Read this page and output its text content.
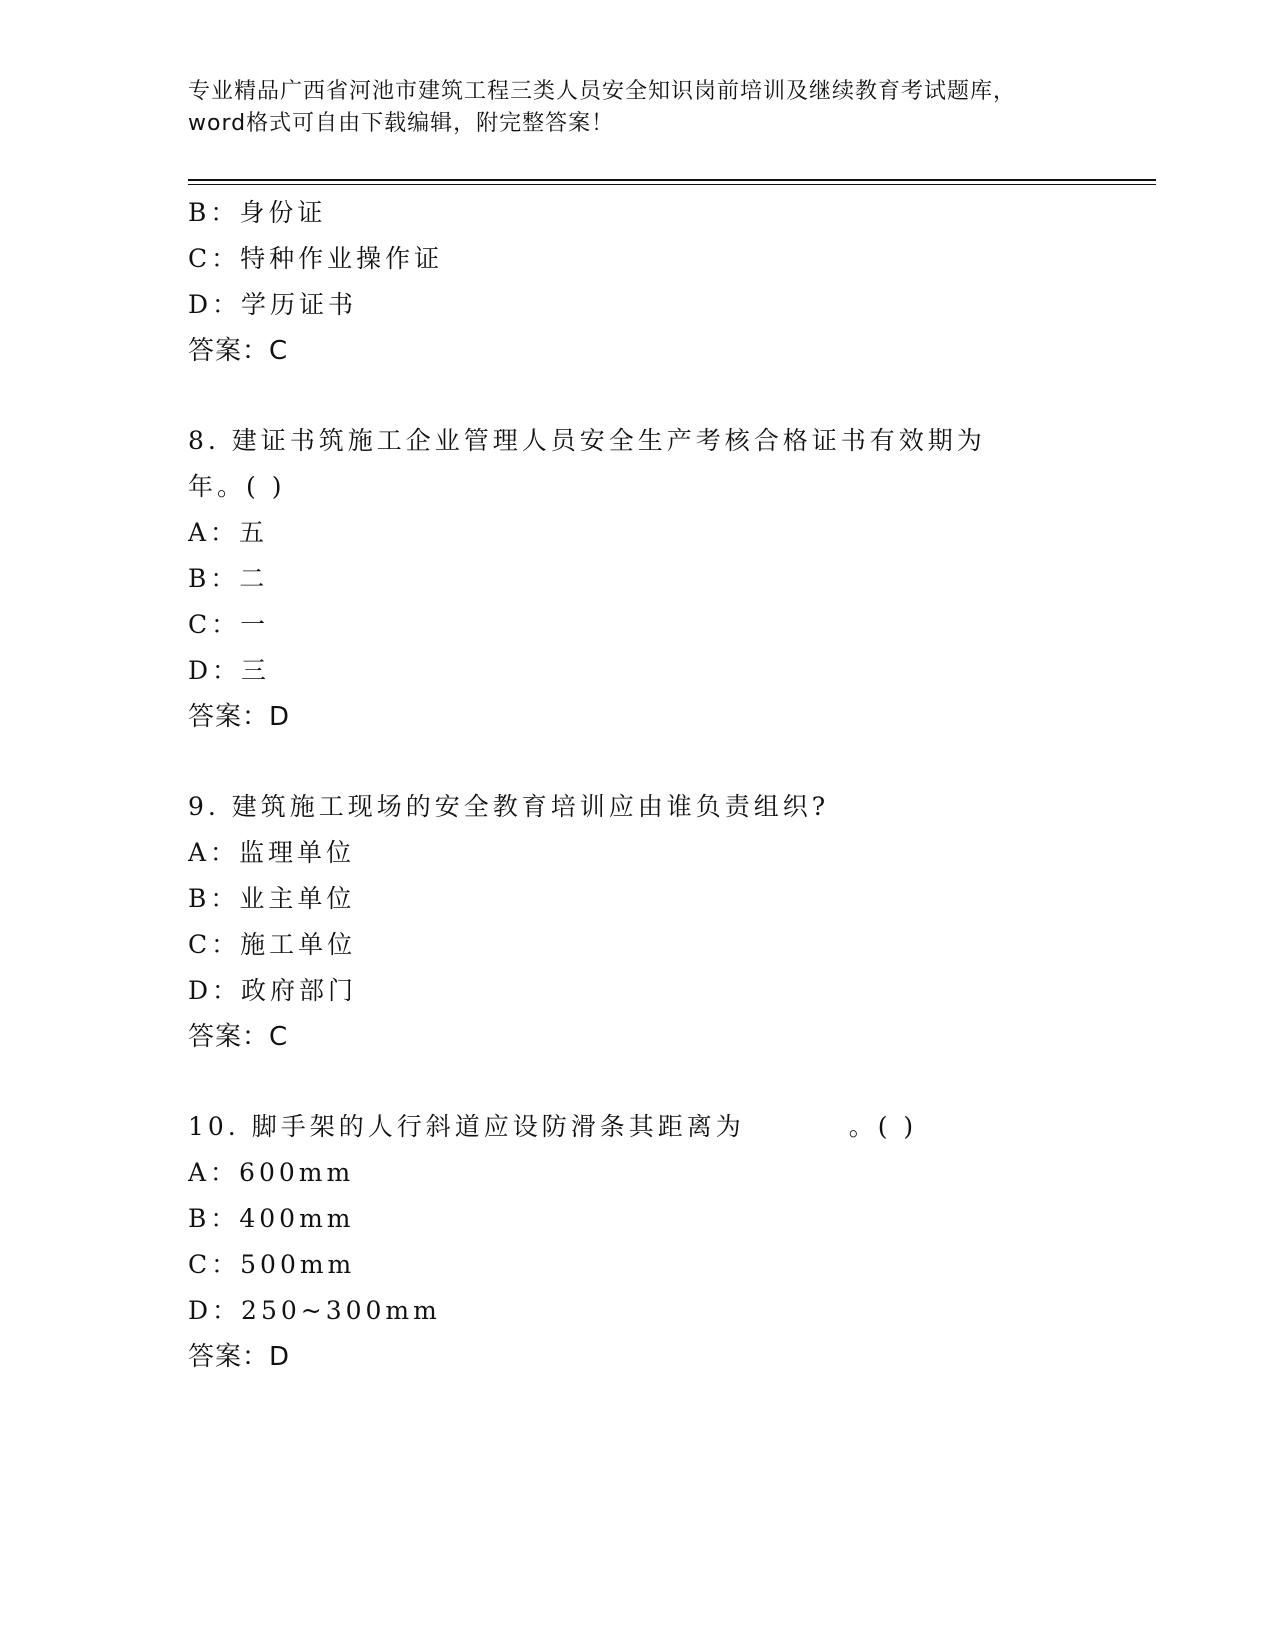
专业精品广西省河池市建筑工程三类人员安全知识岗前培训及继续教育考试题库，
word格式可自由下载编辑，附完整答案！
B：身份证
C：特种作业操作证
D：学历证书
答案：C
8. 建证书筑施工企业管理人员安全生产考核合格证书有效期为
年。( )
A：五
B：二
C：一
D：三
答案：D
9. 建筑施工现场的安全教育培训应由谁负责组织?
A：监理单位
B：业主单位
C：施工单位
D：政府部门
答案：C
10. 脚手架的人行斜道应设防滑条其距离为	。( )
A：600mm
B：400mm
C：500mm
D：250~300mm
答案：D
